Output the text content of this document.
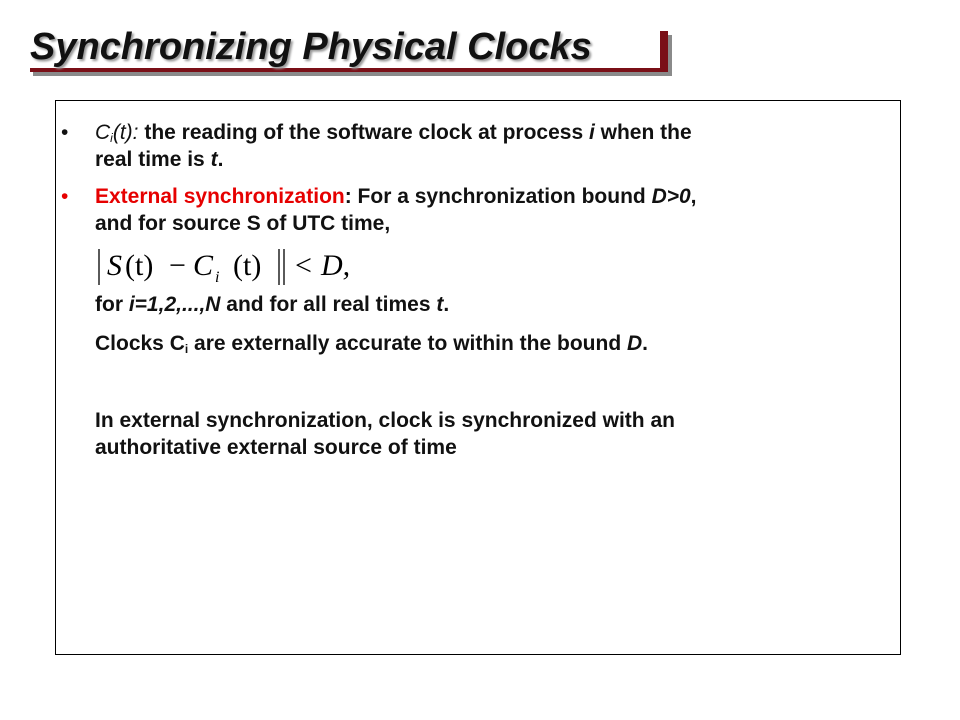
Synchronizing Physical Clocks
• $C_i(t)$: the reading of the software clock at process i when the
real time is t.
• External synchronization: For a synchronization bound D>0,
and for source S of UTC time,
S (t) − C i (t) < D,
for i=1,2,...,N and for all real times t.
Clocks $C_i$ are externally accurate to within the bound D.
In external synchronization, clock is synchronized with an
authoritative external source of time
